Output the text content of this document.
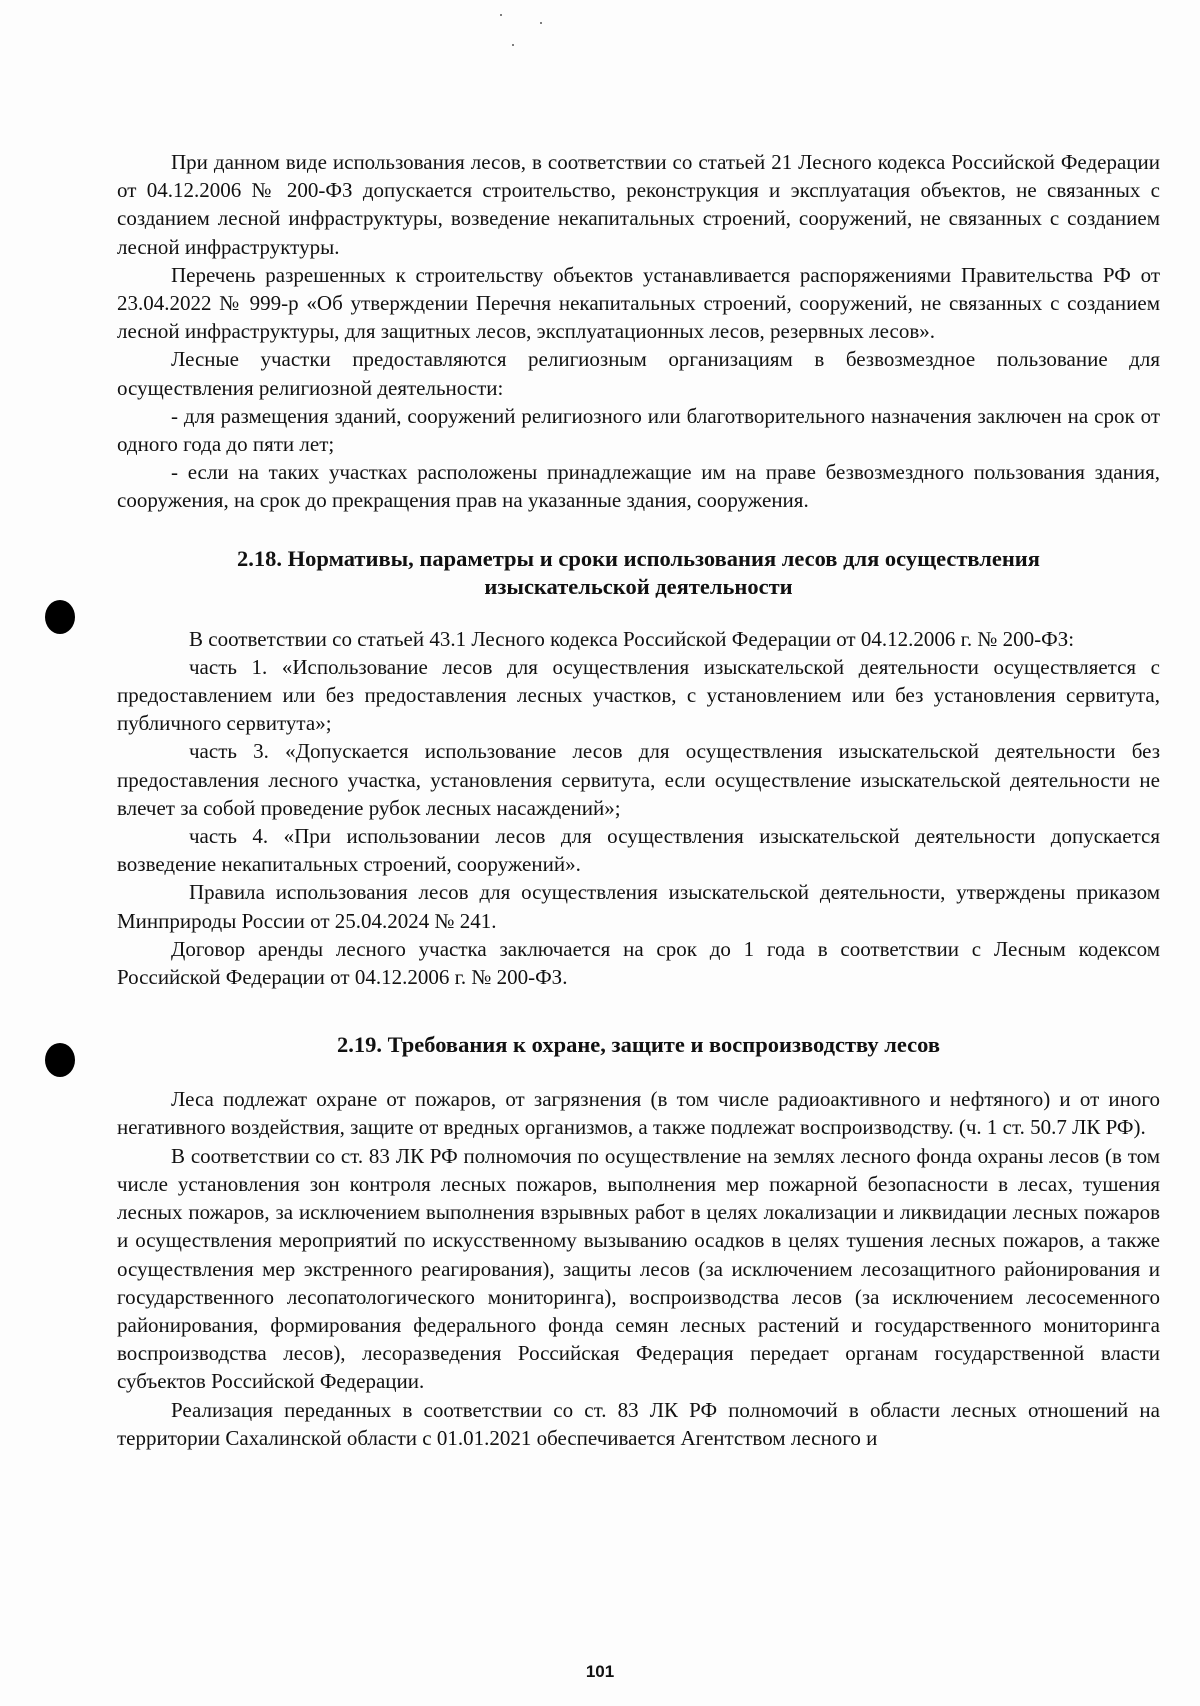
При данном виде использования лесов, в соответствии со статьей 21 Лесного кодекса Российской Федерации от 04.12.2006 № 200-ФЗ допускается строительство, реконструкция и эксплуатация объектов, не связанных с созданием лесной инфраструктуры, возведение некапитальных строений, сооружений, не связанных с созданием лесной инфраструктуры.

Перечень разрешенных к строительству объектов устанавливается распоряжениями Правительства РФ от 23.04.2022 № 999-р «Об утверждении Перечня некапитальных строений, сооружений, не связанных с созданием лесной инфраструктуры, для защитных лесов, эксплуатационных лесов, резервных лесов».

Лесные участки предоставляются религиозным организациям в безвозмездное пользование для осуществления религиозной деятельности:

- для размещения зданий, сооружений религиозного или благотворительного назначения заключен на срок от одного года до пяти лет;

- если на таких участках расположены принадлежащие им на праве безвозмездного пользования здания, сооружения, на срок до прекращения прав на указанные здания, сооружения.

2.18. Нормативы, параметры и сроки использования лесов для осуществления изыскательской деятельности

В соответствии со статьей 43.1 Лесного кодекса Российской Федерации от 04.12.2006 г. № 200-ФЗ:

часть 1. «Использование лесов для осуществления изыскательской деятельности осуществляется с предоставлением или без предоставления лесных участков, с установлением или без установления сервитута, публичного сервитута»;

часть 3. «Допускается использование лесов для осуществления изыскательской деятельности без предоставления лесного участка, установления сервитута, если осуществление изыскательской деятельности не влечет за собой проведение рубок лесных насаждений»;

часть 4. «При использовании лесов для осуществления изыскательской деятельности допускается возведение некапитальных строений, сооружений».

Правила использования лесов для осуществления изыскательской деятельности, утверждены приказом Минприроды России от 25.04.2024 № 241.

Договор аренды лесного участка заключается на срок до 1 года в соответствии с Лесным кодексом Российской Федерации от 04.12.2006 г. № 200-ФЗ.

2.19. Требования к охране, защите и воспроизводству лесов

Леса подлежат охране от пожаров, от загрязнения (в том числе радиоактивного и нефтяного) и от иного негативного воздействия, защите от вредных организмов, а также подлежат воспроизводству. (ч. 1 ст. 50.7 ЛК РФ).

В соответствии со ст. 83 ЛК РФ полномочия по осуществление на землях лесного фонда охраны лесов (в том числе установления зон контроля лесных пожаров, выполнения мер пожарной безопасности в лесах, тушения лесных пожаров, за исключением выполнения взрывных работ в целях локализации и ликвидации лесных пожаров и осуществления мероприятий по искусственному вызыванию осадков в целях тушения лесных пожаров, а также осуществления мер экстренного реагирования), защиты лесов (за исключением лесозащитного районирования и государственного лесопатологического мониторинга), воспроизводства лесов (за исключением лесосеменного районирования, формирования федерального фонда семян лесных растений и государственного мониторинга воспроизводства лесов), лесоразведения Российская Федерация передает органам государственной власти субъектов Российской Федерации.

Реализация переданных в соответствии со ст. 83 ЛК РФ полномочий в области лесных отношений на территории Сахалинской области с 01.01.2021 обеспечивается Агентством лесного и

101
